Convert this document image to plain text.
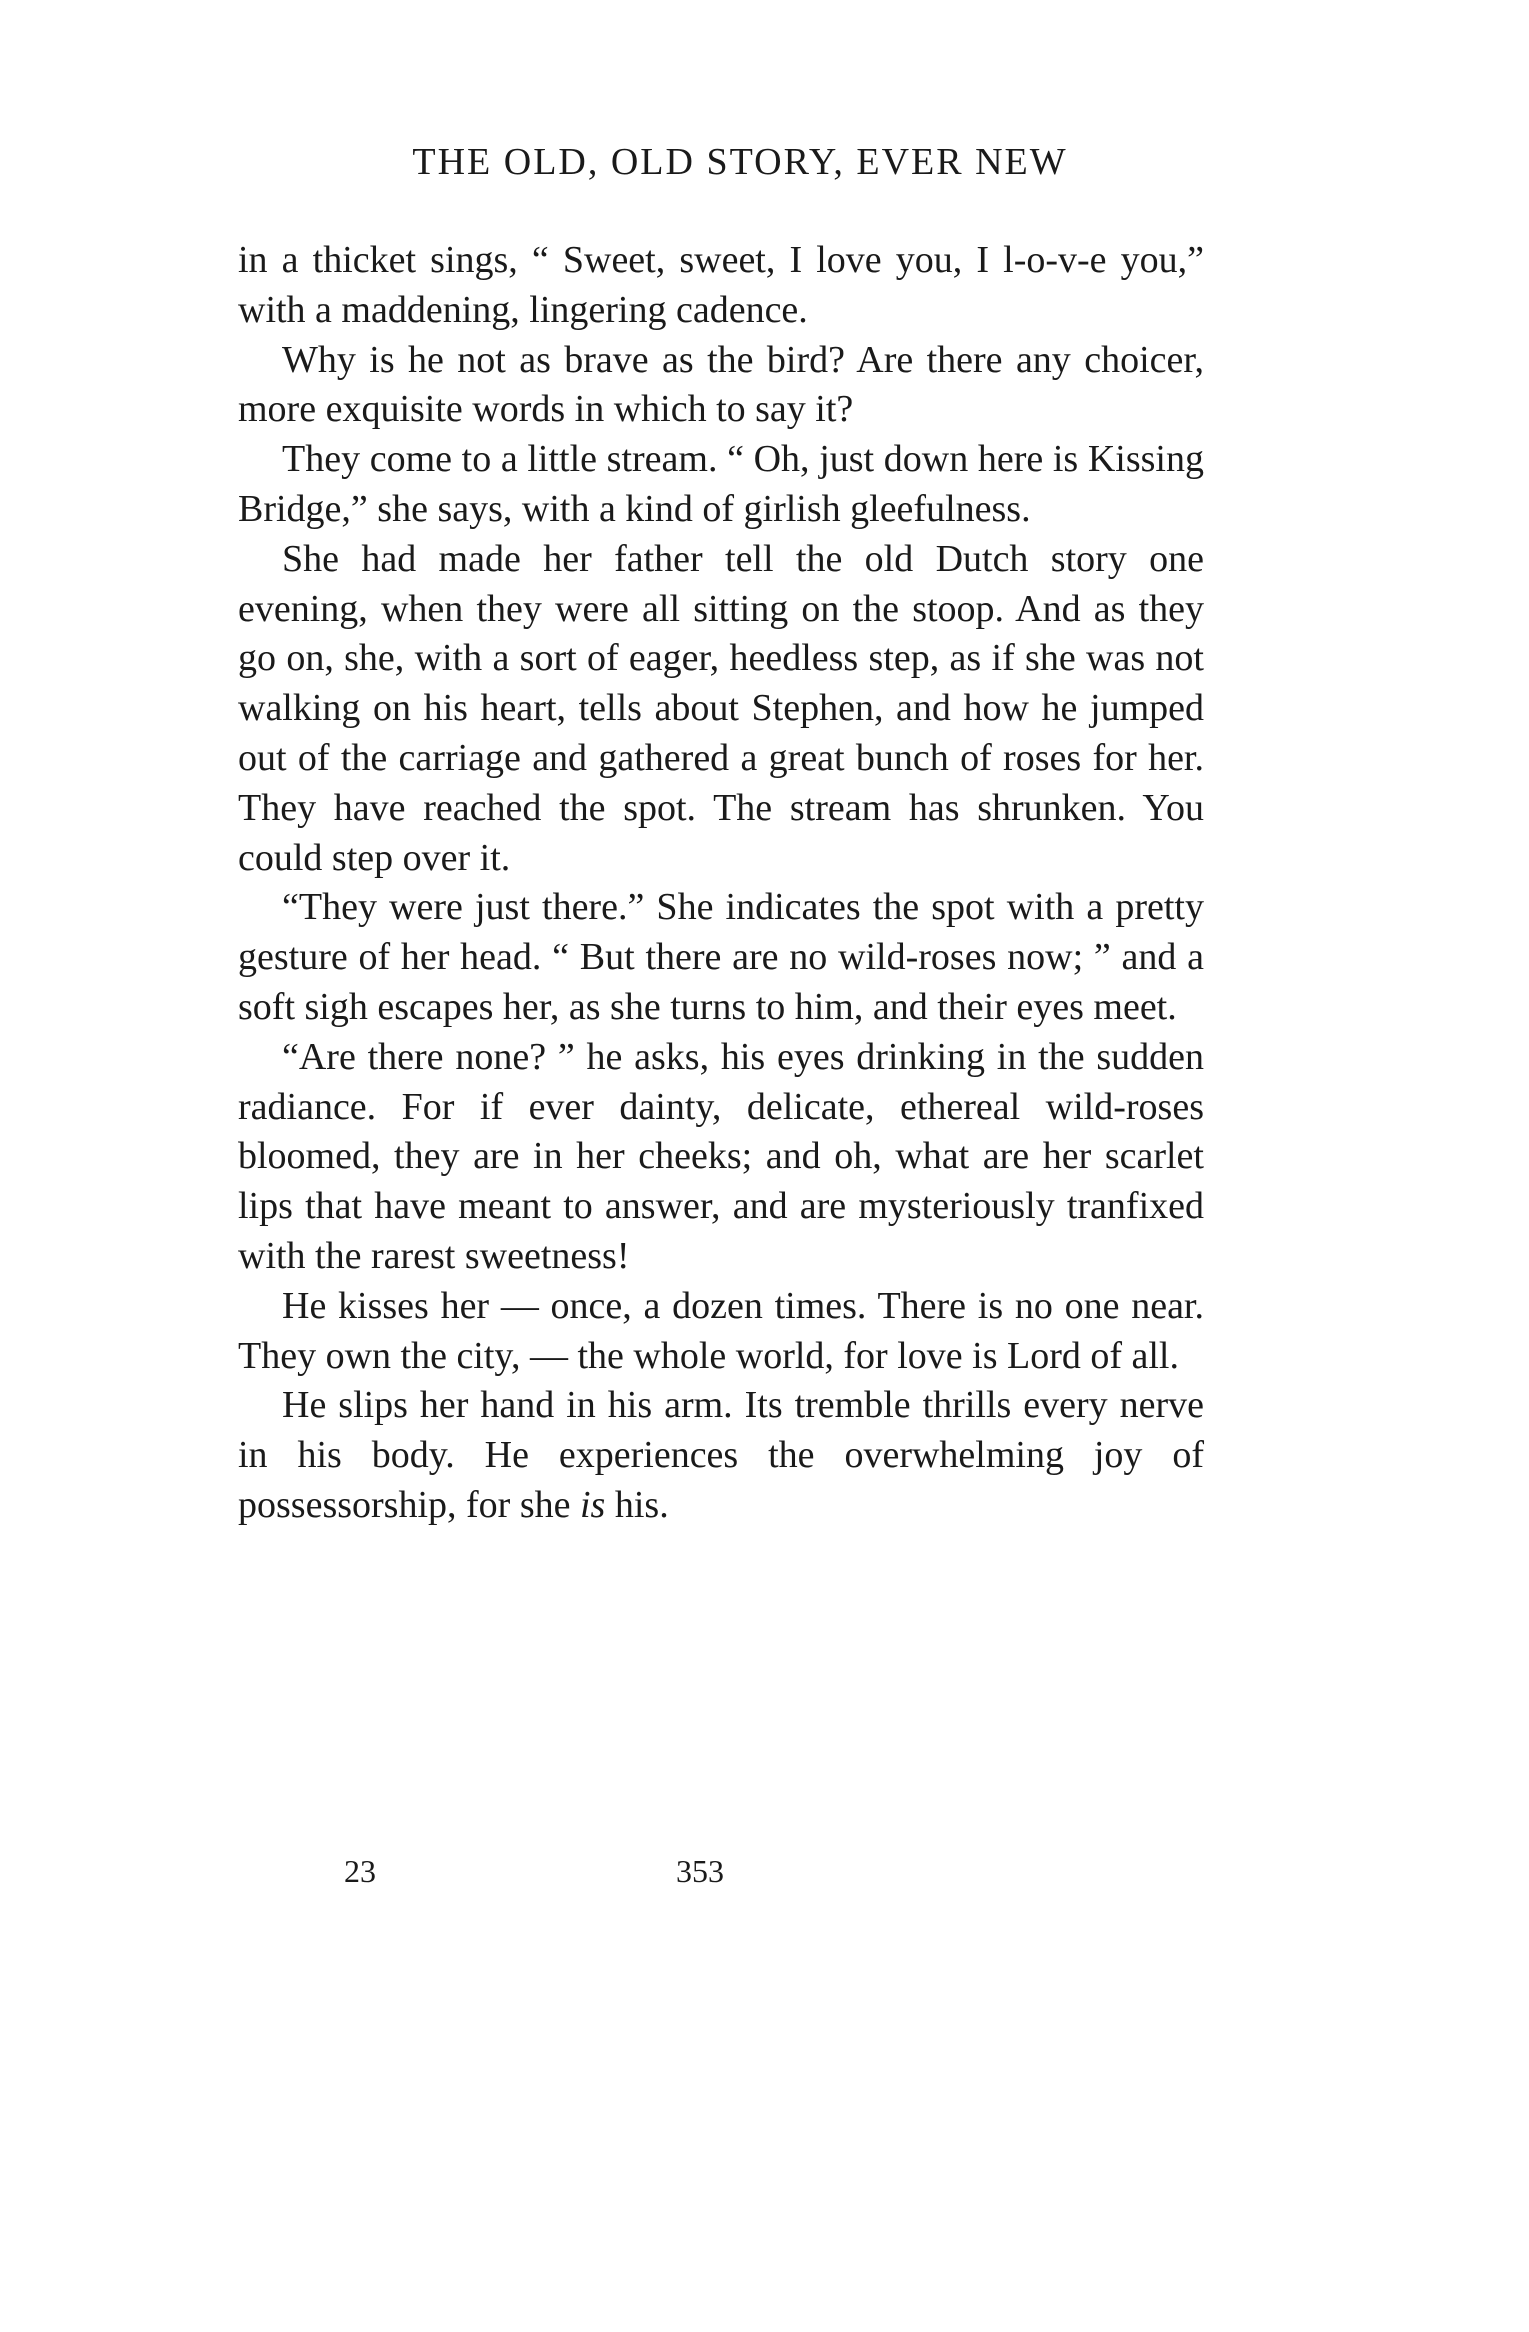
THE OLD, OLD STORY, EVER NEW

in a thicket sings, “ Sweet, sweet, I love you, I l-o-v-e you,” with a maddening, lingering cadence.

Why is he not as brave as the bird? Are there any choicer, more exquisite words in which to say it?

They come to a little stream. “ Oh, just down here is Kissing Bridge,” she says, with a kind of girlish gleefulness.

She had made her father tell the old Dutch story one evening, when they were all sitting on the stoop. And as they go on, she, with a sort of eager, heedless step, as if she was not walking on his heart, tells about Stephen, and how he jumped out of the carriage and gathered a great bunch of roses for her. They have reached the spot. The stream has shrunken. You could step over it.

“They were just there.” She indicates the spot with a pretty gesture of her head. “ But there are no wild-roses now; ” and a soft sigh escapes her, as she turns to him, and their eyes meet.

“Are there none? ” he asks, his eyes drinking in the sudden radiance. For if ever dainty, delicate, ethereal wild-roses bloomed, they are in her cheeks; and oh, what are her scarlet lips that have meant to answer, and are mysteriously tranfixed with the rarest sweetness!

He kisses her — once, a dozen times. There is no one near. They own the city, — the whole world, for love is Lord of all.

He slips her hand in his arm. Its tremble thrills every nerve in his body. He experiences the overwhelming joy of possessorship, for she is his.

23	353
